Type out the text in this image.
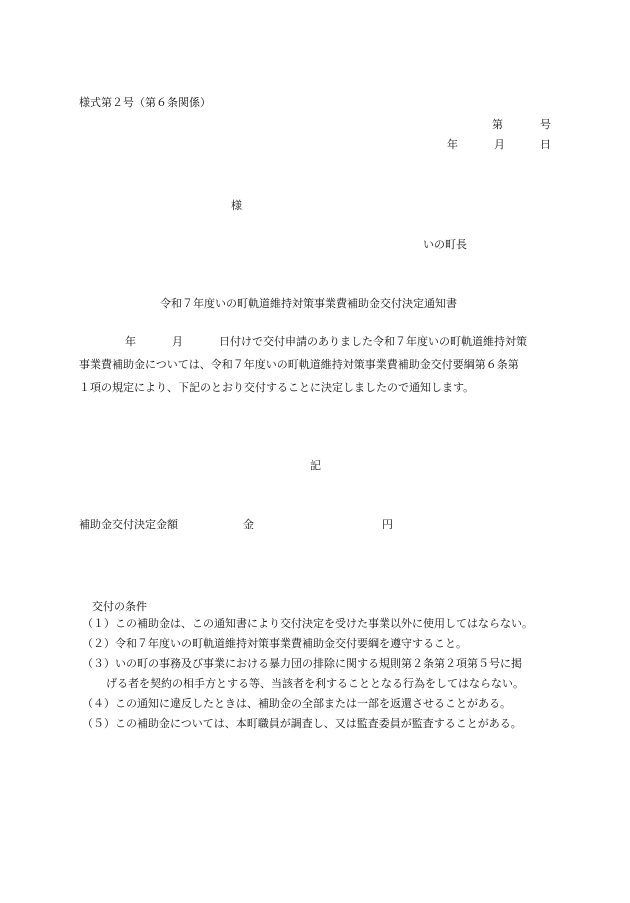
様式第２号（第６条関係）
第	号
年	月	日
様
いの町長
令和７年度いの町軌道維持対策事業費補助金交付決定通知書
年	月	日付けで交付申請のありました令和７年度いの町軌道維持対策
事業費補助金については、令和７年度いの町軌道維持対策事業費補助金交付要綱第６条第
１項の規定により、下記のとおり交付することに決定しましたので通知します。
記
補助金交付決定金額	金	円
交付の条件
（１）この補助金は、この通知書により交付決定を受けた事業以外に使用してはならない。
（２）令和７年度いの町軌道維持対策事業費補助金交付要綱を遵守すること。
（３）いの町の事務及び事業における暴力団の排除に関する規則第２条第２項第５号に掲
げる者を契約の相手方とする等、当該者を利することとなる行為をしてはならない。
（４）この通知に違反したときは、補助金の全部または一部を返還させることがある。
（５）この補助金については、本町職員が調査し、又は監査委員が監査することがある。
